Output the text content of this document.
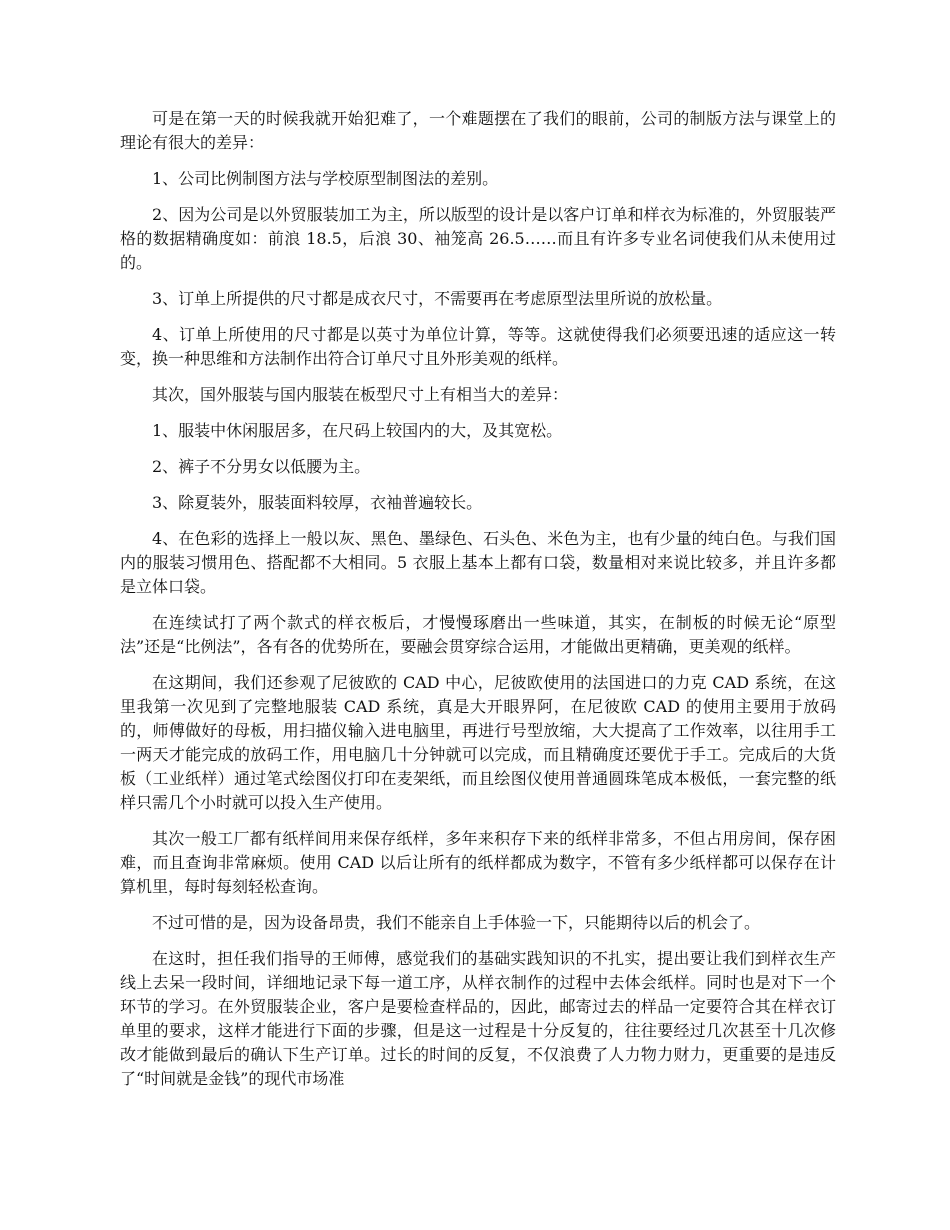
可是在第一天的时候我就开始犯难了，一个难题摆在了我们的眼前，公司的制版方法与课堂上的理论有很大的差异：

1、公司比例制图方法与学校原型制图法的差别。

2、因为公司是以外贸服装加工为主，所以版型的设计是以客户订单和样衣为标准的，外贸服装严格的数据精确度如：前浪 18.5，后浪 30、袖笼高 26.5……而且有许多专业名词使我们从未使用过的。

3、订单上所提供的尺寸都是成衣尺寸，不需要再在考虑原型法里所说的放松量。

4、订单上所使用的尺寸都是以英寸为单位计算，等等。这就使得我们必须要迅速的适应这一转变，换一种思维和方法制作出符合订单尺寸且外形美观的纸样。

其次，国外服装与国内服装在板型尺寸上有相当大的差异：

1、服装中休闲服居多，在尺码上较国内的大，及其宽松。

2、裤子不分男女以低腰为主。

3、除夏装外，服装面料较厚，衣袖普遍较长。

4、在色彩的选择上一般以灰、黑色、墨绿色、石头色、米色为主，也有少量的纯白色。与我们国内的服装习惯用色、搭配都不大相同。5 衣服上基本上都有口袋，数量相对来说比较多，并且许多都是立体口袋。

在连续试打了两个款式的样衣板后，才慢慢琢磨出一些味道，其实，在制板的时候无论“原型法”还是“比例法”，各有各的优势所在，要融会贯穿综合运用，才能做出更精确，更美观的纸样。

在这期间，我们还参观了尼彼欧的 CAD 中心，尼彼欧使用的法国进口的力克 CAD 系统，在这里我第一次见到了完整地服装 CAD 系统，真是大开眼界阿，在尼彼欧 CAD 的使用主要用于放码的，师傅做好的母板，用扫描仪输入进电脑里，再进行号型放缩，大大提高了工作效率，以往用手工一两天才能完成的放码工作，用电脑几十分钟就可以完成，而且精确度还要优于手工。完成后的大货板（工业纸样）通过笔式绘图仪打印在麦架纸，而且绘图仪使用普通圆珠笔成本极低，一套完整的纸样只需几个小时就可以投入生产使用。

其次一般工厂都有纸样间用来保存纸样，多年来积存下来的纸样非常多，不但占用房间，保存困难，而且查询非常麻烦。使用 CAD 以后让所有的纸样都成为数字，不管有多少纸样都可以保存在计算机里，每时每刻轻松查询。

不过可惜的是，因为设备昂贵，我们不能亲自上手体验一下，只能期待以后的机会了。

在这时，担任我们指导的王师傅，感觉我们的基础实践知识的不扎实，提出要让我们到样衣生产线上去呆一段时间，详细地记录下每一道工序，从样衣制作的过程中去体会纸样。同时也是对下一个环节的学习。在外贸服装企业，客户是要检查样品的，因此，邮寄过去的样品一定要符合其在样衣订单里的要求，这样才能进行下面的步骤，但是这一过程是十分反复的，往往要经过几次甚至十几次修改才能做到最后的确认下生产订单。过长的时间的反复，不仅浪费了人力物力财力，更重要的是违反了“时间就是金钱”的现代市场准
